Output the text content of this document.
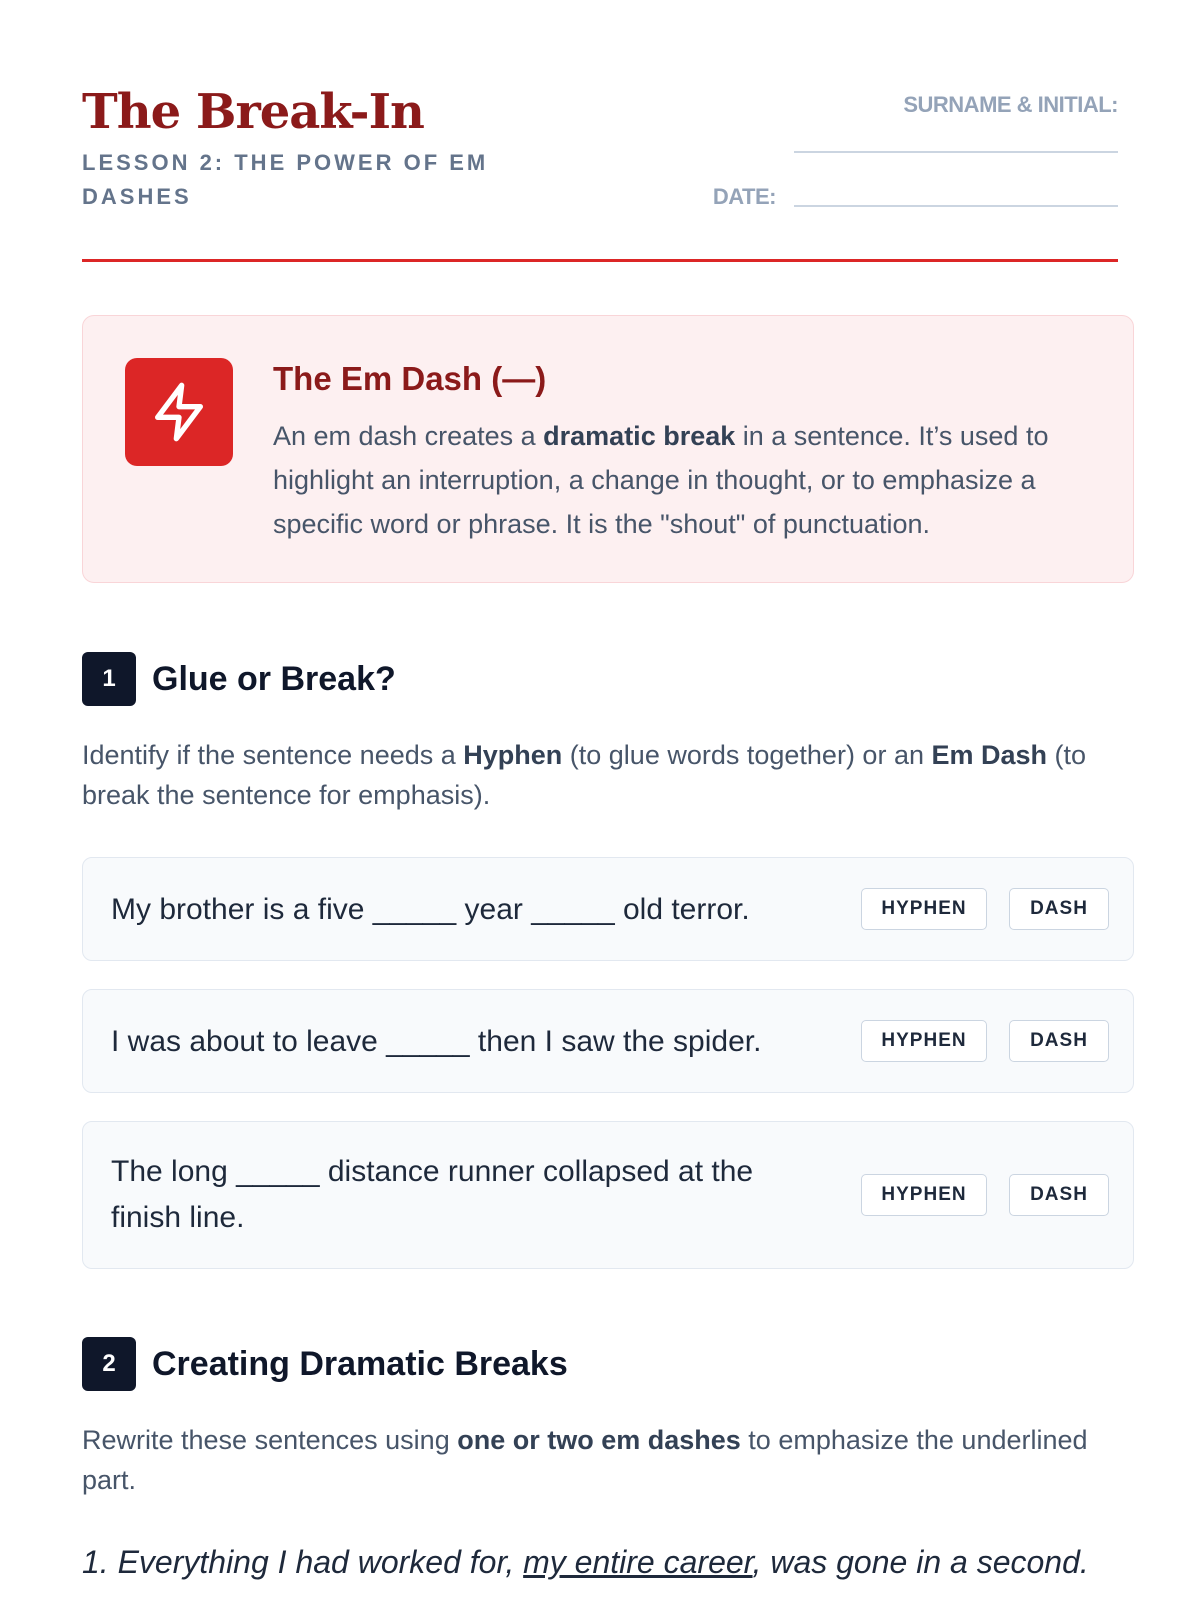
The Break-In
LESSON 2: THE POWER OF EM DASHES
SURNAME & INITIAL:
DATE:
The Em Dash (—)
An em dash creates a dramatic break in a sentence. It’s used to highlight an interruption, a change in thought, or to emphasize a specific word or phrase. It is the "shout" of punctuation.
1	Glue or Break?
Identify if the sentence needs a Hyphen (to glue words together) or an Em Dash (to break the sentence for emphasis).
My brother is a five _____ year _____ old terror.	HYPHEN	DASH
I was about to leave _____ then I saw the spider.	HYPHEN	DASH
The long _____ distance runner collapsed at the finish line.
HYPHEN	DASH
2	Creating Dramatic Breaks
Rewrite these sentences using one or two em dashes to emphasize the underlined part.
1. Everything I had worked for, my entire career, was gone in a second.
